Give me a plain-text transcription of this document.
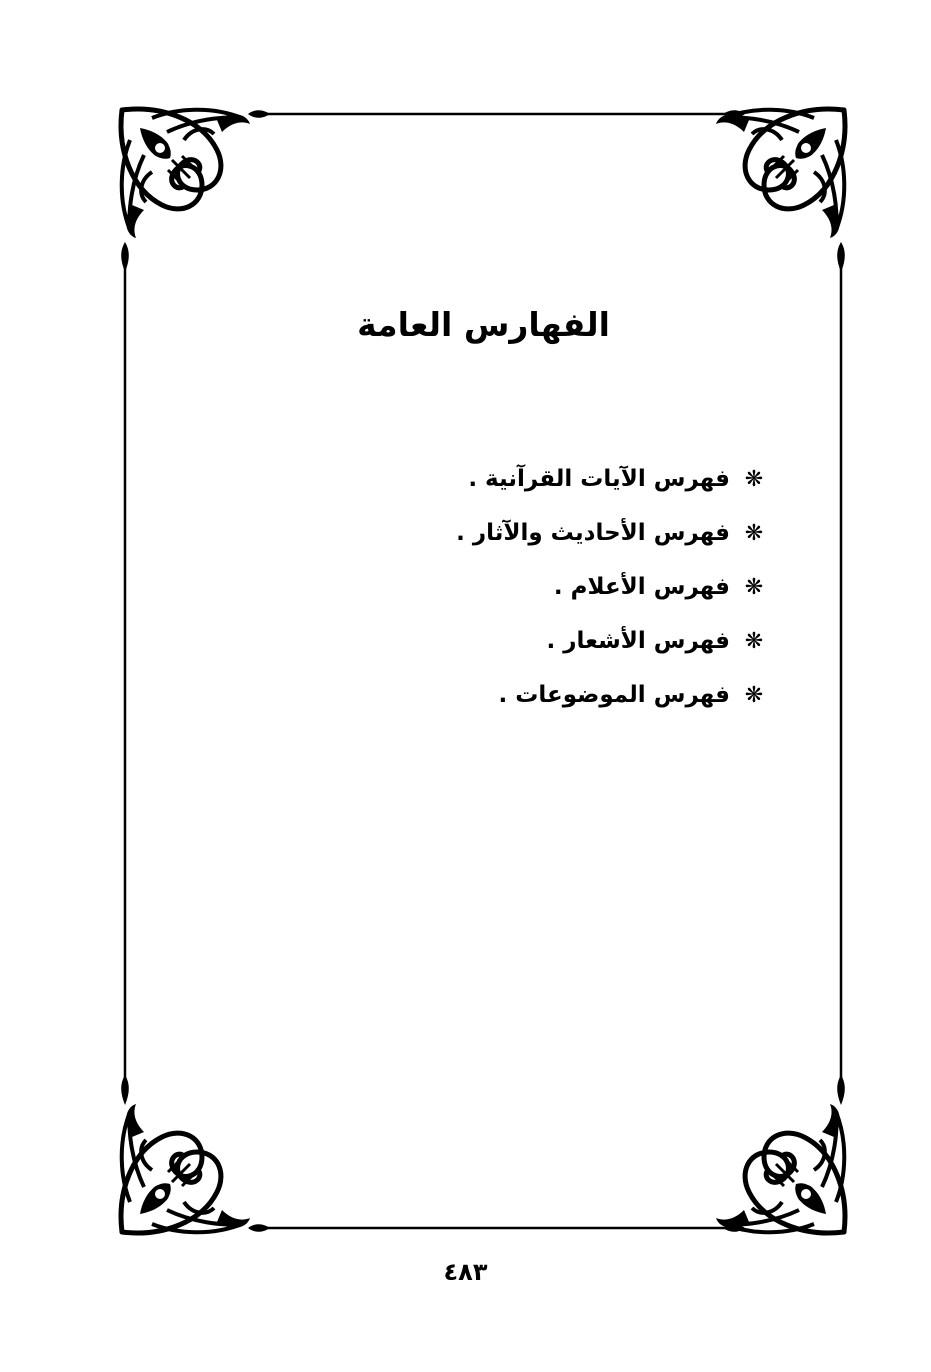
الفهارس العامة
❋
فهرس الآيات القرآنية .
❋
فهرس الأحاديث والآثار .
❋
فهرس الأعلام .
❋
فهرس الأشعار .
❋
فهرس الموضوعات .
٤٨٣
